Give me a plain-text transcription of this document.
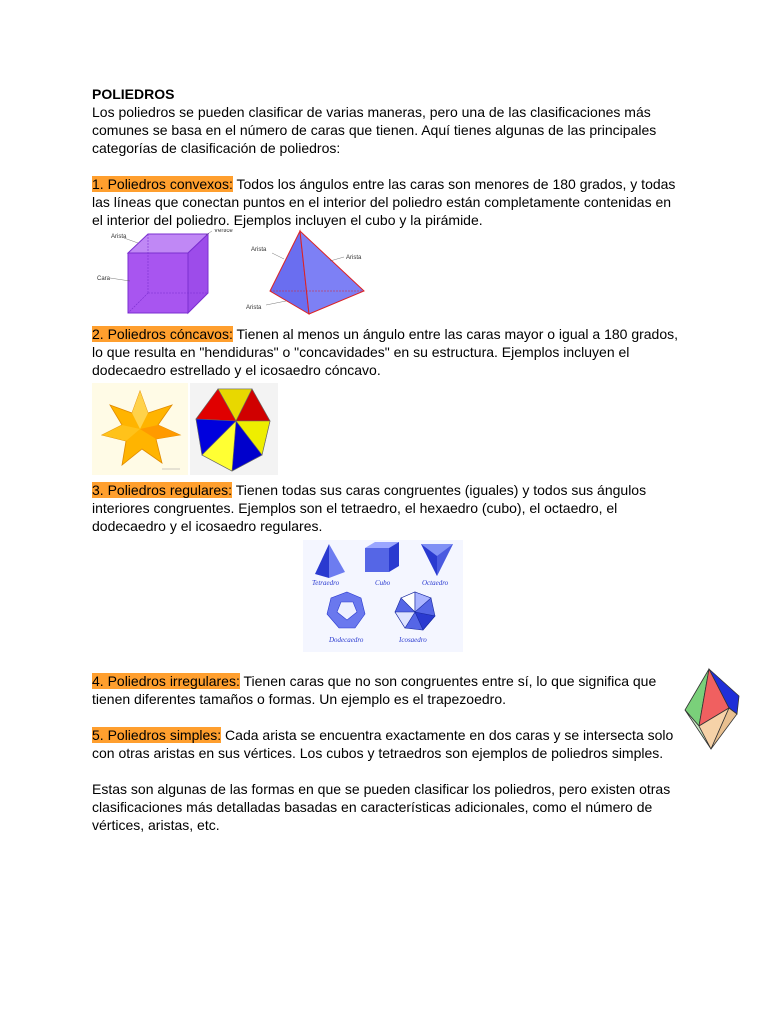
POLIEDROS

Los poliedros se pueden clasificar de varias maneras, pero una de las clasificaciones más comunes se basa en el número de caras que tienen. Aquí tienes algunas de las principales categorías de clasificación de poliedros:

1. Poliedros convexos: Todos los ángulos entre las caras son menores de 180 grados, y todas las líneas que conectan puntos en el interior del poliedro están completamente contenidas en el interior del poliedro. Ejemplos incluyen el cubo y la pirámide.

Arista
Vértice
Cara
Arista
Arista
Arista

2. Poliedros cóncavos: Tienen al menos un ángulo entre las caras mayor o igual a 180 grados, lo que resulta en "hendiduras" o "concavidades" en su estructura. Ejemplos incluyen el dodecaedro estrellado y el icosaedro cóncavo.

3. Poliedros regulares: Tienen todas sus caras congruentes (iguales) y todos sus ángulos interiores congruentes. Ejemplos son el tetraedro, el hexaedro (cubo), el octaedro, el dodecaedro y el icosaedro regulares.

Tetraedro	Cubo	Octaedro
Dodecaedro	Icosaedro

4. Poliedros irregulares: Tienen caras que no son congruentes entre sí, lo que significa que tienen diferentes tamaños o formas. Un ejemplo es el trapezoedro.

5. Poliedros simples: Cada arista se encuentra exactamente en dos caras y se intersecta solo con otras aristas en sus vértices. Los cubos y tetraedros son ejemplos de poliedros simples.

Estas son algunas de las formas en que se pueden clasificar los poliedros, pero existen otras clasificaciones más detalladas basadas en características adicionales, como el número de vértices, aristas, etc.
